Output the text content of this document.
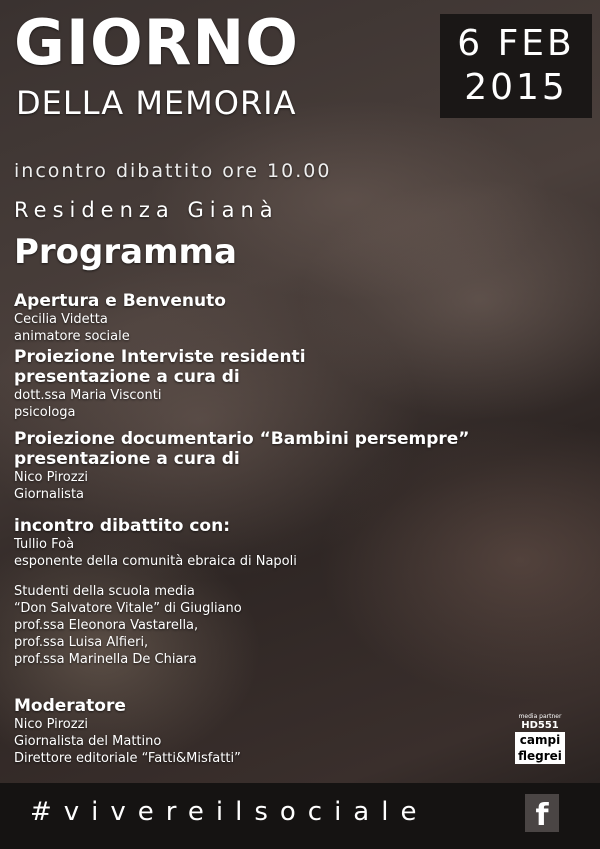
GIORNO
DELLA MEMORIA
6 FEB
2015
incontro dibattito ore 10.00
Residenza Gianà
Programma
Apertura e Benvenuto
Cecilia Videtta
animatore sociale
Proiezione Interviste residenti
presentazione a cura di
dott.ssa Maria Visconti
psicologa
Proiezione documentario “Bambini persempre”
presentazione a cura di
Nico Pirozzi
Giornalista
incontro dibattito con:
Tullio Foà
esponente della comunità ebraica di Napoli
Studenti della scuola media
“Don Salvatore Vitale” di Giugliano
prof.ssa Eleonora Vastarella,
prof.ssa Luisa Alfieri,
prof.ssa Marinella De Chiara
Moderatore
Nico Pirozzi
Giornalista del Mattino
Direttore editoriale “Fatti&Misfatti”
media partner
HD551
campi
flegrei
#vivereilsociale	f
